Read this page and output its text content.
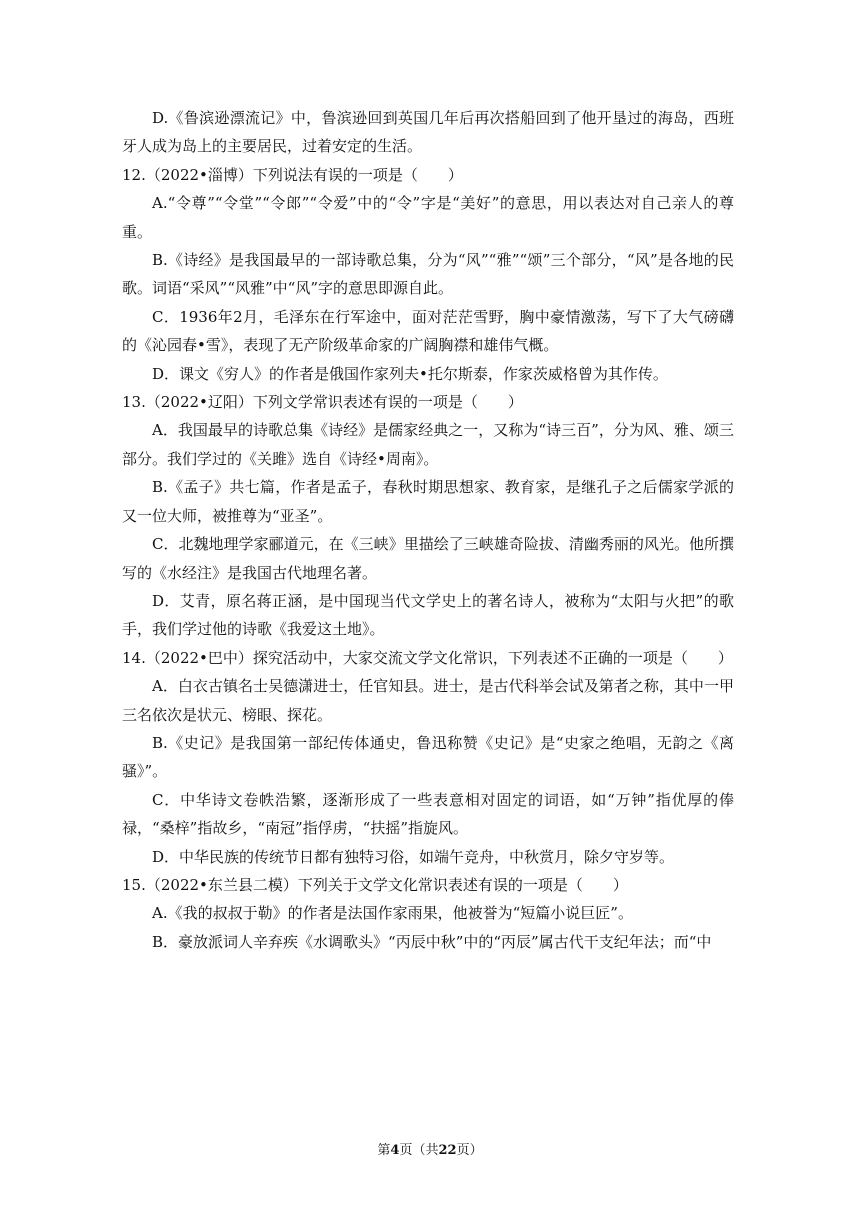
D.《鲁滨逊漂流记》中，鲁滨逊回到英国几年后再次搭船回到了他开垦过的海岛，西班牙人成为岛上的主要居民，过着安定的生活。

12.（2022•淄博）下列说法有误的一项是（　　）

A.“令尊”“令堂”“令郎”“令爱”中的“令”字是“美好”的意思，用以表达对自己亲人的尊重。

B.《诗经》是我国最早的一部诗歌总集，分为“风”“雅”“颂”三个部分，“风”是各地的民歌。词语“采风”“风雅”中“风”字的意思即源自此。

C．1936年2月，毛泽东在行军途中，面对茫茫雪野，胸中豪情激荡，写下了大气磅礴的《沁园春•雪》，表现了无产阶级革命家的广阔胸襟和雄伟气概。

D．课文《穷人》的作者是俄国作家列夫•托尔斯泰，作家茨威格曾为其作传。

13.（2022•辽阳）下列文学常识表述有误的一项是（　　）

A．我国最早的诗歌总集《诗经》是儒家经典之一，又称为“诗三百”，分为风、雅、颂三部分。我们学过的《关雎》选自《诗经•周南》。

B.《孟子》共七篇，作者是孟子，春秋时期思想家、教育家，是继孔子之后儒家学派的又一位大师，被推尊为“亚圣”。

C．北魏地理学家郦道元，在《三峡》里描绘了三峡雄奇险拔、清幽秀丽的风光。他所撰写的《水经注》是我国古代地理名著。

D．艾青，原名蒋正涵，是中国现当代文学史上的著名诗人，被称为“太阳与火把”的歌手，我们学过他的诗歌《我爱这土地》。

14.（2022•巴中）探究活动中，大家交流文学文化常识，下列表述不正确的一项是（　　）

A．白衣古镇名士吴德潇进士，任官知县。进士，是古代科举会试及第者之称，其中一甲三名依次是状元、榜眼、探花。

B.《史记》是我国第一部纪传体通史，鲁迅称赞《史记》是“史家之绝唱，无韵之《离骚》”。

C．中华诗文卷帙浩繁，逐渐形成了一些表意相对固定的词语，如“万钟”指优厚的俸禄，“桑梓”指故乡，“南冠”指俘虏，“扶摇”指旋风。

D．中华民族的传统节日都有独特习俗，如端午竞舟，中秋赏月，除夕守岁等。

15.（2022•东兰县二模）下列关于文学文化常识表述有误的一项是（　　）

A.《我的叔叔于勒》的作者是法国作家雨果，他被誉为“短篇小说巨匠”。

B．豪放派词人辛弃疾《水调歌头》“丙辰中秋”中的“丙辰”属古代干支纪年法；而“中

第4页（共22页）
